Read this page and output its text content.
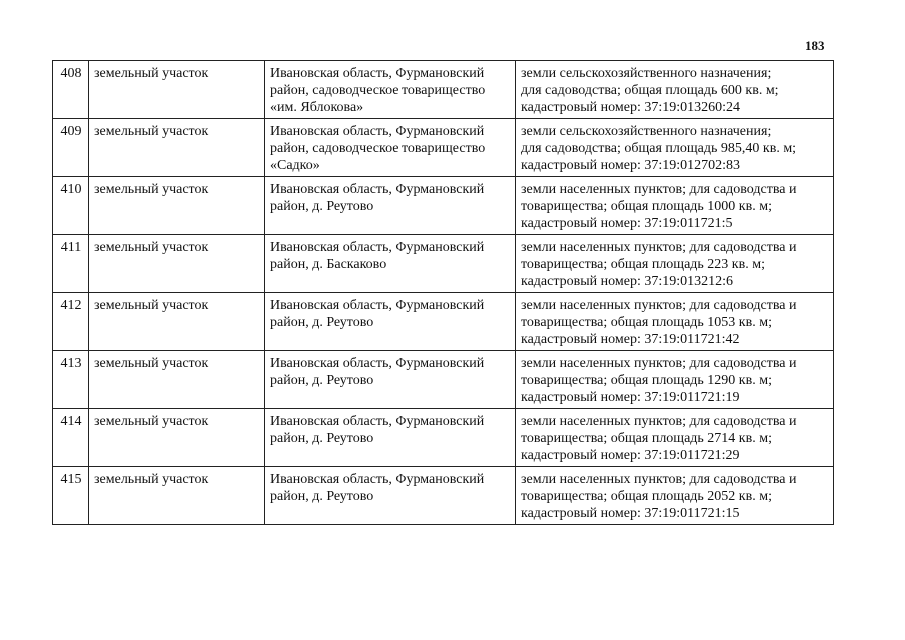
183
408	земельный участок	Ивановская область, Фурмановский район, садоводческое товарищество «им. Яблокова»	земли сельскохозяйственного назначения;
для садоводства; общая площадь 600 кв. м;
кадастровый номер: 37:19:013260:24

409	земельный участок	Ивановская область, Фурмановский район, садоводческое товарищество «Садко»	земли сельскохозяйственного назначения;
для садоводства; общая площадь 985,40 кв. м;
кадастровый номер: 37:19:012702:83

410	земельный участок	Ивановская область, Фурмановский район, д. Реутово	земли населенных пунктов; для садоводства и
товарищества; общая площадь 1000 кв. м;
кадастровый номер: 37:19:011721:5

411	земельный участок	Ивановская область, Фурмановский район, д. Баскаково	земли населенных пунктов; для садоводства и
товарищества; общая площадь 223 кв. м;
кадастровый номер: 37:19:013212:6

412	земельный участок	Ивановская область, Фурмановский район, д. Реутово	земли населенных пунктов; для садоводства и
товарищества; общая площадь 1053 кв. м;
кадастровый номер: 37:19:011721:42

413	земельный участок	Ивановская область, Фурмановский район, д. Реутово	земли населенных пунктов; для садоводства и
товарищества; общая площадь 1290 кв. м;
кадастровый номер: 37:19:011721:19

414	земельный участок	Ивановская область, Фурмановский район, д. Реутово	земли населенных пунктов; для садоводства и
товарищества; общая площадь 2714 кв. м;
кадастровый номер: 37:19:011721:29

415	земельный участок	Ивановская область, Фурмановский район, д. Реутово	земли населенных пунктов; для садоводства и
товарищества; общая площадь 2052 кв. м;
кадастровый номер: 37:19:011721:15
